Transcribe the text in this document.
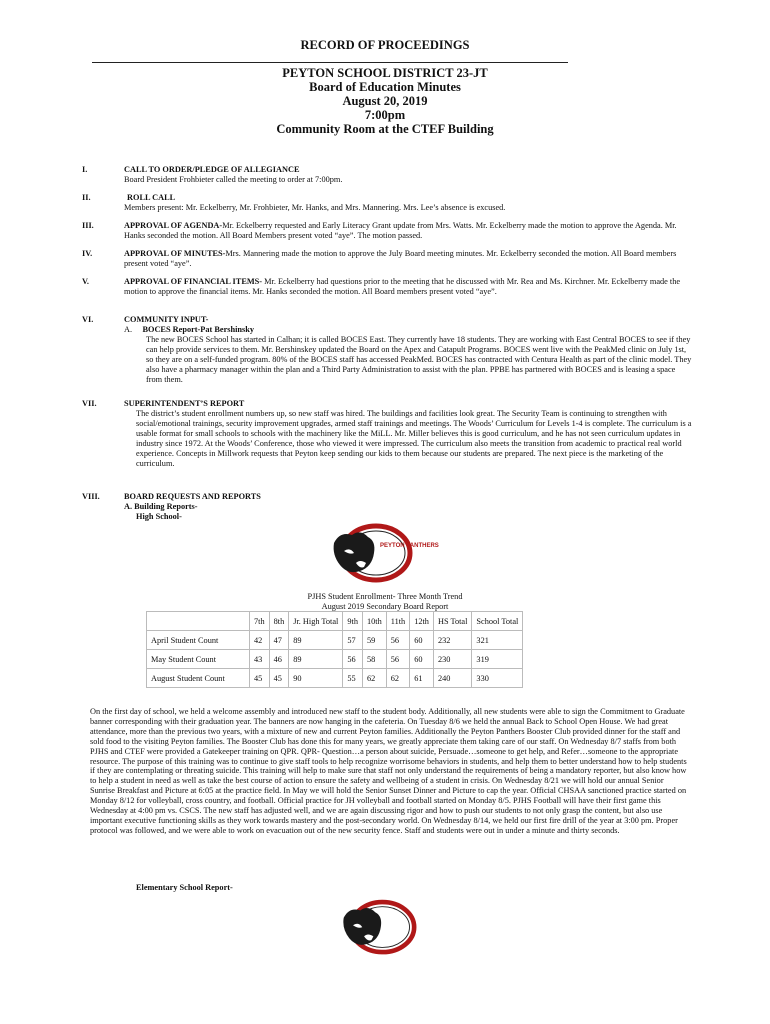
RECORD OF PROCEEDINGS
PEYTON SCHOOL DISTRICT 23-JT
Board of Education Minutes
August 20, 2019
7:00pm
Community Room at the CTEF Building
I.	CALL TO ORDER/PLEDGE OF ALLEGIANCE
Board President Frohbieter called the meeting to order at 7:00pm.
II.	ROLL CALL
Members present: Mr. Eckelberry, Mr. Frohbieter, Mr. Hanks, and Mrs. Mannering. Mrs. Lee’s absence is excused.
III.	APPROVAL OF AGENDA-Mr. Eckelberry requested and Early Literacy Grant update from Mrs. Watts. Mr. Eckelberry made the motion to approve the Agenda. Mr. Hanks seconded the motion. All Board Members present voted “aye”. The motion passed.
IV.	APPROVAL OF MINUTES-Mrs. Mannering made the motion to approve the July Board meeting minutes. Mr. Eckelberry seconded the motion. All Board members present voted “aye”.
V.	APPROVAL OF FINANCIAL ITEMS- Mr. Eckelberry had questions prior to the meeting that he discussed with Mr. Rea and Ms. Kirchner. Mr. Eckelberry made the motion to approve the financial items. Mr. Hanks seconded the motion. All Board members present voted “aye”.
VI.	COMMUNITY INPUT-
A. BOCES Report-Pat Bershinsky
The new BOCES School has started in Calhan; it is called BOCES East. They currently have 18 students. They are working with East Central BOCES to see if they can help provide services to them. Mr. Bershinskey updated the Board on the Apex and Catapult Programs. BOCES went live with the PeakMed clinic on July 1st, so they are on a self-funded program. 80% of the BOCES staff has accessed PeakMed. BOCES has contracted with Centura Health as part of the clinic model. They also have a pharmacy manager within the plan and a Third Party Administration to assist with the plan. PPBE has partnered with BOCES and is leasing a space from them.
VII.	SUPERINTENDENT’S REPORT
The district’s student enrollment numbers up, so new staff was hired. The buildings and facilities look great. The Security Team is continuing to strengthen with social/emotional trainings, security improvement upgrades, armed staff trainings and meetings. The Woods’ Curriculum for Levels 1-4 is complete. The curriculum is a usable format for small schools to schools with the machinery like the MiLL. Mr. Miller believes this is good curriculum, and he has not seen curriculum updates in industry since 1972. At the Woods’ Conference, those who viewed it were impressed. The curriculum also meets the transition from academic to practical real world experience. Concepts in Millwork requests that Peyton keep sending our kids to them because our students are prepared. The next piece is the marketing of the curriculum.
VIII.	BOARD REQUESTS AND REPORTS
A. Building Reports-
High School-
PEYTON PANTHERS
PJHS Student Enrollment- Three Month Trend
August 2019 Secondary Board Report
	7th	8th	Jr. High Total	9th	10th	11th	12th	HS Total	School Total
April Student Count	42	47	89	57	59	56	60	232	321
May Student Count	43	46	89	56	58	56	60	230	319
August Student Count	45	45	90	55	62	62	61	240	330
On the first day of school, we held a welcome assembly and introduced new staff to the student body. Additionally, all new students were able to sign the Commitment to Graduate banner corresponding with their graduation year. The banners are now hanging in the cafeteria. On Tuesday 8/6 we held the annual Back to School Open House. We had great attendance, more than the previous two years, with a mixture of new and current Peyton families. Additionally the Peyton Panthers Booster Club provided dinner for the staff and sold food to the visiting Peyton families. The Booster Club has done this for many years, we greatly appreciate them taking care of our staff. On Wednesday 8/7 staffs from both PJHS and CTEF were provided a Gatekeeper training on QPR. QPR- Question…a person about suicide, Persuade…someone to get help, and Refer…someone to the appropriate resource. The purpose of this training was to continue to give staff tools to help recognize worrisome behaviors in students, and help them to better understand how to help students if they are contemplating or threating suicide. This training will help to make sure that staff not only understand the requirements of being a mandatory reporter, but also know how to help a student in need as well as take the best course of action to ensure the safety and wellbeing of a student in crisis. On Wednesday 8/21 we will hold our annual Senior Sunrise Breakfast and Picture at 6:05 at the practice field. In May we will hold the Senior Sunset Dinner and Picture to cap the year. Official CHSAA sanctioned practice started on Monday 8/12 for volleyball, cross country, and football. Official practice for JH volleyball and football started on Monday 8/5. PJHS Football will have their first game this Wednesday at 4:00 pm vs. CSCS. The new staff has adjusted well, and we are again discussing rigor and how to push our students to not only grasp the content, but also use important executive functioning skills as they work towards mastery and the post-secondary world. On Wednesday 8/14, we held our first fire drill of the year at 3:00 pm. Proper protocol was followed, and we were able to work on evacuation out of the new security fence. Staff and students were out in under a minute and thirty seconds.
Elementary School Report-
